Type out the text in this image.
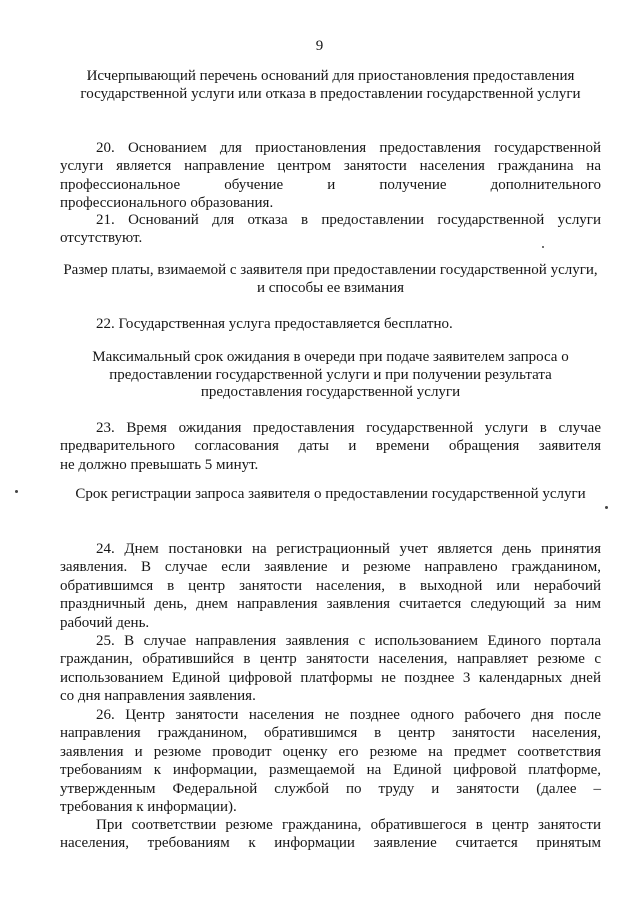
9
Исчерпывающий перечень оснований для приостановления предоставления государственной услуги или отказа в предоставлении государственной услуги
20. Основанием для приостановления предоставления государственной
услуги является направление центром занятости населения гражданина на
профессиональное обучение и получение дополнительного
профессионального образования.
21. Оснований для отказа в предоставлении государственной услуги
отсутствуют.
Размер платы, взимаемой с заявителя при предоставлении государственной услуги, и способы ее взимания
22. Государственная услуга предоставляется бесплатно.
Максимальный срок ожидания в очереди при подаче заявителем запроса о предоставлении государственной услуги и при получении результата предоставления государственной услуги
23. Время ожидания предоставления государственной услуги в случае
предварительного согласования даты и времени обращения заявителя
не должно превышать 5 минут.
Срок регистрации запроса заявителя о предоставлении государственной услуги
24. Днем постановки на регистрационный учет является день принятия
заявления. В случае если заявление и резюме направлено гражданином,
обратившимся в центр занятости населения, в выходной или нерабочий
праздничный день, днем направления заявления считается следующий за ним
рабочий день.
25. В случае направления заявления с использованием Единого портала
гражданин, обратившийся в центр занятости населения, направляет резюме с
использованием Единой цифровой платформы не позднее 3 календарных дней
со дня направления заявления.
26. Центр занятости населения не позднее одного рабочего дня после
направления гражданином, обратившимся в центр занятости населения,
заявления и резюме проводит оценку его резюме на предмет соответствия
требованиям к информации, размещаемой на Единой цифровой платформе,
утвержденным Федеральной службой по труду и занятости (далее –
требования к информации).
При соответствии резюме гражданина, обратившегося в центр занятости
населения, требованиям к информации заявление считается принятым
